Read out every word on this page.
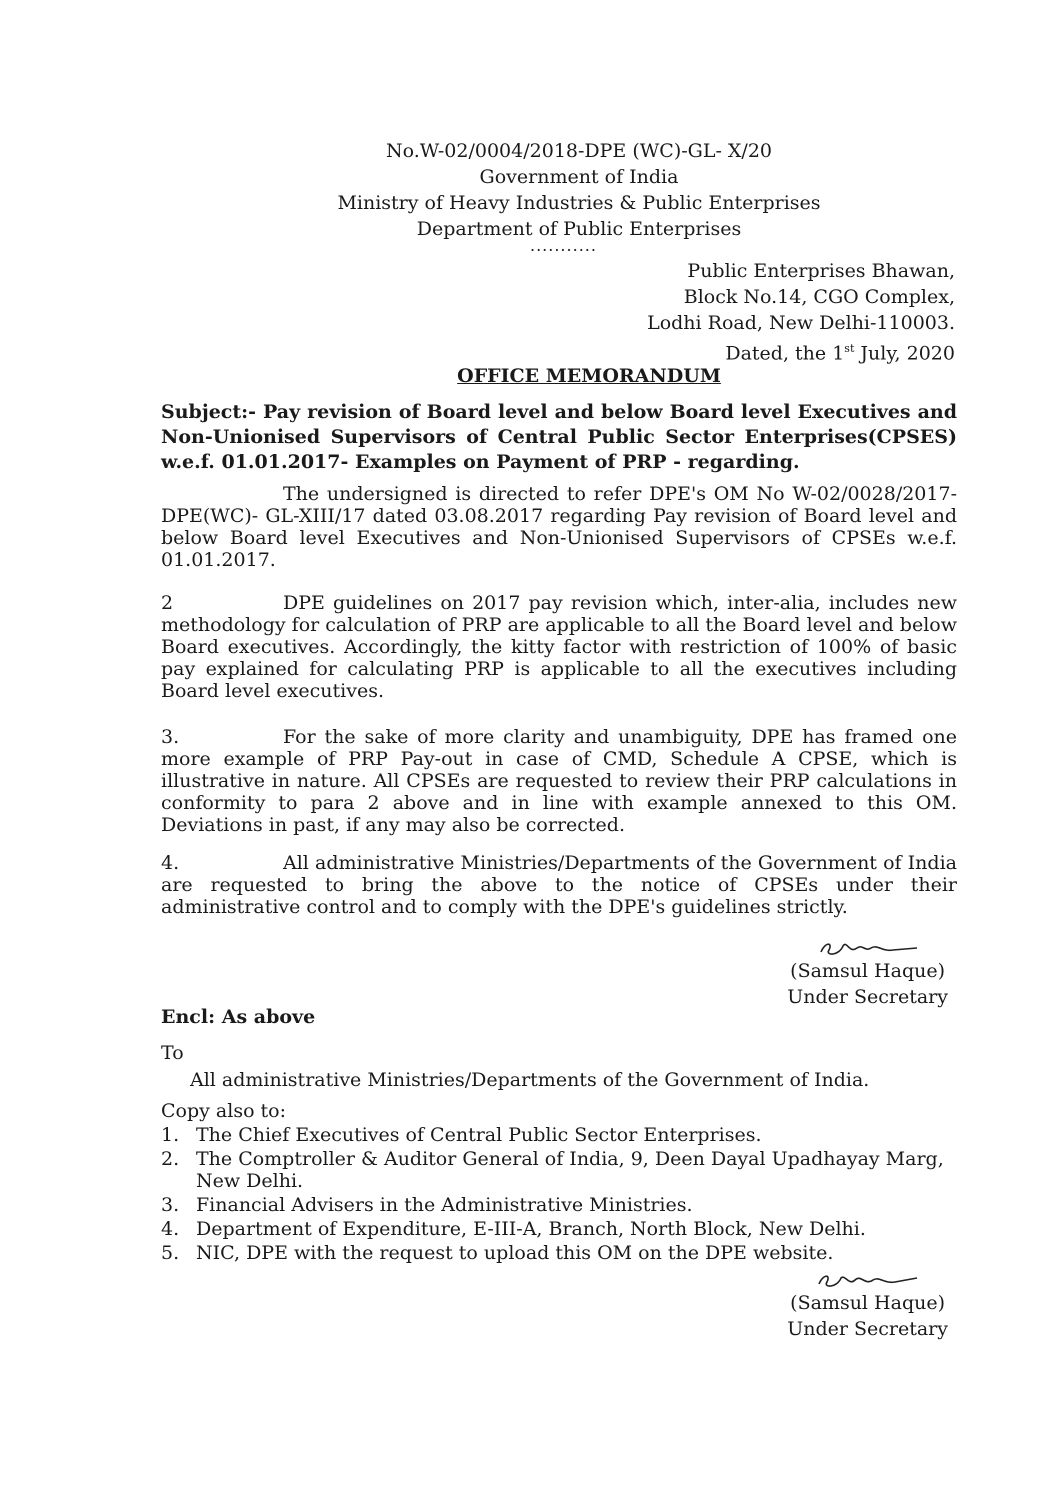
No.W-02/0004/2018-DPE (WC)-GL- X/20
Government of India
Ministry of Heavy Industries & Public Enterprises
Department of Public Enterprises
...........
Public Enterprises Bhawan,
Block No.14, CGO Complex,
Lodhi Road, New Delhi-110003.
Dated, the 1st July, 2020
OFFICE MEMORANDUM
Subject:- Pay revision of Board level and below Board level Executives and Non-Unionised Supervisors of Central Public Sector Enterprises(CPSES) w.e.f. 01.01.2017- Examples on Payment of PRP - regarding.
The undersigned is directed to refer DPE's OM No W-02/0028/2017-DPE(WC)- GL-XIII/17 dated 03.08.2017 regarding Pay revision of Board level and below Board level Executives and Non-Unionised Supervisors of CPSEs w.e.f. 01.01.2017.
2	DPE guidelines on 2017 pay revision which, inter-alia, includes new methodology for calculation of PRP are applicable to all the Board level and below Board executives. Accordingly, the kitty factor with restriction of 100% of basic pay explained for calculating PRP is applicable to all the executives including Board level executives.
3.	For the sake of more clarity and unambiguity, DPE has framed one more example of PRP Pay-out in case of CMD, Schedule A CPSE, which is illustrative in nature. All CPSEs are requested to review their PRP calculations in conformity to para 2 above and in line with example annexed to this OM. Deviations in past, if any may also be corrected.
4.	All administrative Ministries/Departments of the Government of India are requested to bring the above to the notice of CPSEs under their administrative control and to comply with the DPE's guidelines strictly.
(Samsul Haque)
Under Secretary
Encl: As above
To
All administrative Ministries/Departments of the Government of India.
Copy also to:
1. The Chief Executives of Central Public Sector Enterprises.
2. The Comptroller & Auditor General of India, 9, Deen Dayal Upadhayay Marg, New Delhi.
3. Financial Advisers in the Administrative Ministries.
4. Department of Expenditure, E-III-A, Branch, North Block, New Delhi.
5. NIC, DPE with the request to upload this OM on the DPE website.
(Samsul Haque)
Under Secretary
